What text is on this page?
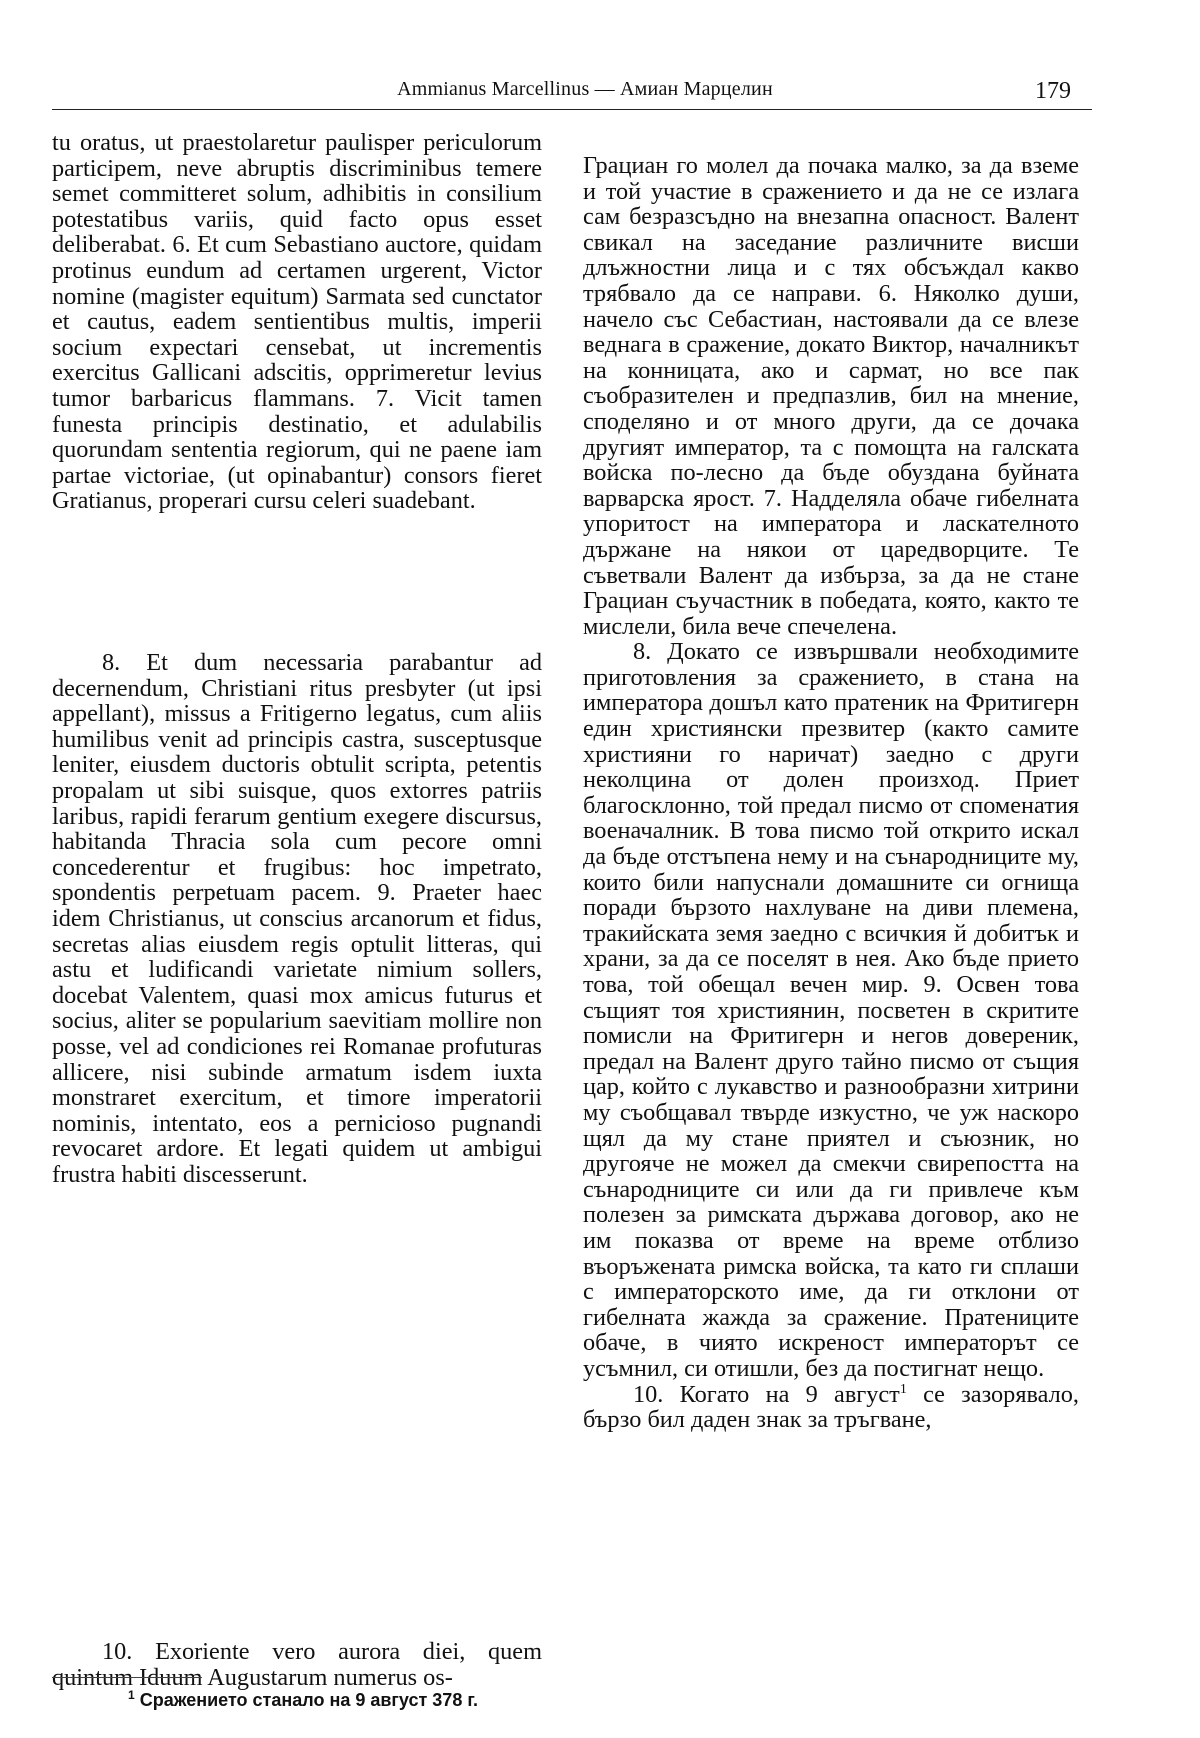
Ammianus Marcellinus — Амиан Марцелин	179

tu oratus, ut praestolaretur paulisper periculorum participem, neve abruptis discriminibus temere semet committeret solum, adhibitis in consilium potestatibus variis, quid facto opus esset deliberabat. 6. Et cum Sebastiano auctore, quidam protinus eundum ad certamen urgerent, Victor nomine (magister equitum) Sarmata sed cunctator et cautus, eadem sentientibus multis, imperii socium expectari censebat, ut incrementis exercitus Gallicani adscitis, opprimeretur levius tumor barbaricus flammans. 7. Vicit tamen funesta principis destinatio, et adulabilis quorundam sententia regiorum, qui ne paene iam partae victoriae, (ut opinabantur) consors fieret Gratianus, properari cursu celeri suadebant.

8. Et dum necessaria parabantur ad decernendum, Christiani ritus presbyter (ut ipsi appellant), missus a Fritigerno legatus, cum aliis humilibus venit ad principis castra, susceptusque leniter, eiusdem ductoris obtulit scripta, petentis propalam ut sibi suisque, quos extorres patriis laribus, rapidi ferarum gentium exegere discursus, habitanda Thracia sola cum pecore omni concederentur et frugibus: hoc impetrato, spondentis perpetuam pacem. 9. Praeter haec idem Christianus, ut conscius arcanorum et fidus, secretas alias eiusdem regis optulit litteras, qui astu et ludificandi varietate nimium sollers, docebat Valentem, quasi mox amicus futurus et socius, aliter se popularium saevitiam mollire non posse, vel ad condiciones rei Romanae profuturas allicere, nisi subinde armatum isdem iuxta monstraret exercitum, et timore imperatorii nominis, intentato, eos a pernicioso pugnandi revocaret ardore. Et legati quidem ut ambigui frustra habiti discesserunt.

10. Exoriente vero aurora diei, quem quintum Iduum Augustarum numerus os-

Грациан го молел да почака малко, за да вземе и той участие в сражението и да не се излага сам безразсъдно на внезапна опасност. Валент свикал на заседание различните висши длъжностни лица и с тях обсъждал какво трябвало да се направи. 6. Няколко души, начело със Себастиан, настоявали да се влезе веднага в сражение, докато Виктор, началникът на конницата, ако и сармат, но все пак съобразителен и предпазлив, бил на мнение, споделяно и от много други, да се дочака другият император, та с помощта на галската войска по-лесно да бъде обуздана буйната варварска ярост. 7. Надделяла обаче гибелната упоритост на императора и ласкателното държане на някои от царедворците. Те съветвали Валент да избърза, за да не стане Грациан съучастник в победата, която, както те мислели, била вече спечелена.

8. Докато се извършвали необходимите приготовления за сражението, в стана на императора дошъл като пратеник на Фритигерн един християнски презвитер (както самите християни го наричат) заедно с други неколцина от долен произход. Приет благосклонно, той предал писмо от споменатия военачалник. В това писмо той открито искал да бъде отстъпена нему и на сънародниците му, които били напуснали домашните си огнища поради бързото нахлуване на диви племена, тракийската земя заедно с всичкия й добитък и храни, за да се поселят в нея. Ако бъде прието това, той обещал вечен мир. 9. Освен това същият тоя християнин, посветен в скритите помисли на Фритигерн и негов довереник, предал на Валент друго тайно писмо от същия цар, който с лукавство и разнообразни хитрини му съобщавал твърде изкустно, че уж наскоро щял да му стане приятел и съюзник, но другояче не можел да смекчи свирепостта на сънародниците си или да ги привлече към полезен за римската държава договор, ако не им показва от време на време отблизо въоръжената римска войска, та като ги сплаши с императорското име, да ги отклони от гибелната жажда за сражение. Пратениците обаче, в чиято искреност императорът се усъмнил, си отишли, без да постигнат нещо.

10. Когато на 9 август$^1$ се зазорявало, бързо бил даден знак за тръгване,

$^1$ Сражението станало на 9 август 378 г.
